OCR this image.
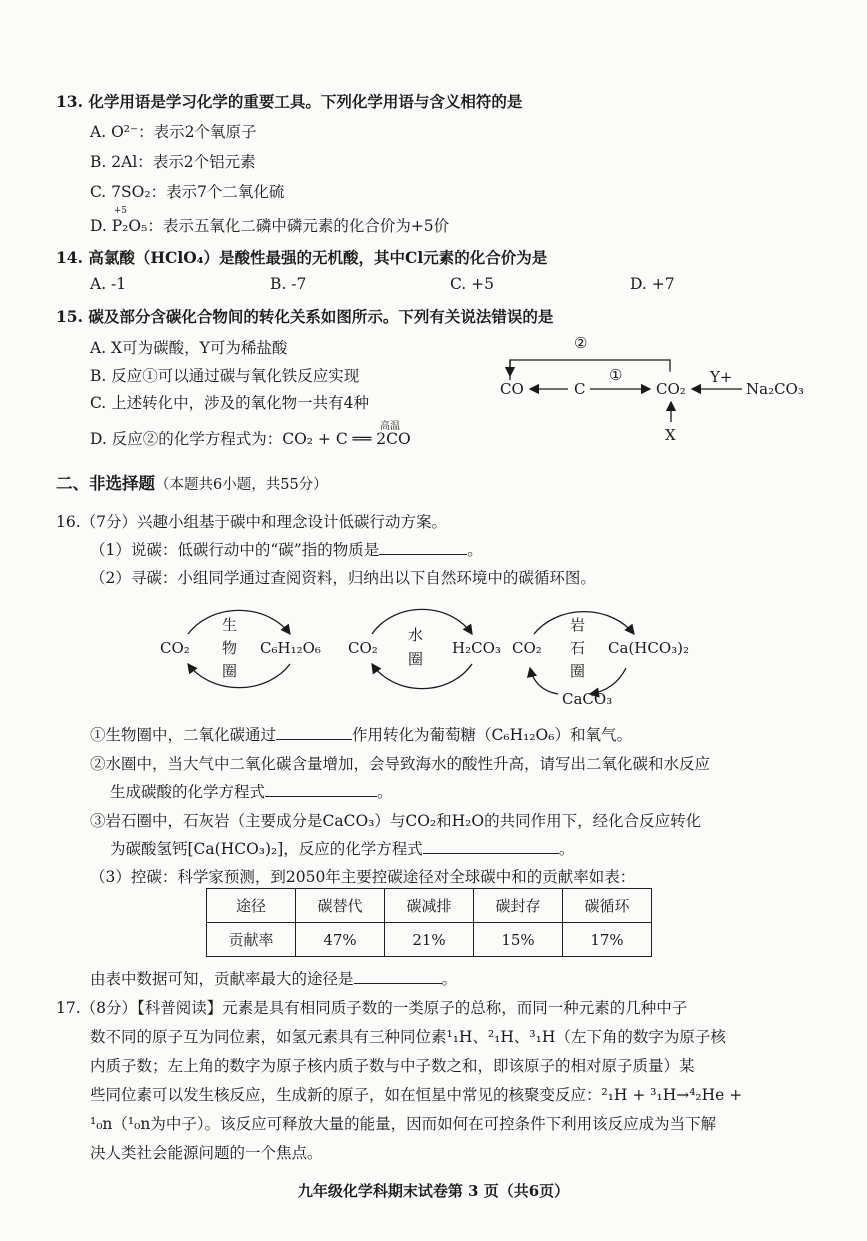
13. 化学用语是学习化学的重要工具。下列化学用语与含义相符的是
A. O²⁻：表示2个氧原子
B. 2Al：表示2个铝元素
C. 7SO₂：表示7个二氧化硫
D.
+5
P₂O₅：表示五氧化二磷中磷元素的化合价为+5价
14. 高氯酸（HClO₄）是酸性最强的无机酸，其中Cl元素的化合价为是
A. -1	B. -7	C. +5	D. +7
15. 碳及部分含碳化合物间的转化关系如图所示。下列有关说法错误的是
A. X可为碳酸，Y可为稀盐酸
B. 反应①可以通过碳与氧化铁反应实现
C. 上述转化中，涉及的氧化物一共有4种
D. 反应②的化学方程式为：CO₂ + C ══ 2CO
高温
②
CO	C
①
CO₂
Y+
Na₂CO₃
X
二、非选择题（本题共6小题，共55分）
16.（7分）兴趣小组基于碳中和理念设计低碳行动方案。
（1）说碳：低碳行动中的“碳”指的物质是	。
（2）寻碳：小组同学通过查阅资料，归纳出以下自然环境中的碳循环图。
CO₂
生
物
圈
C₆H₁₂O₆ CO₂
水
圈
H₂CO₃ CO₂
岩
石
圈
Ca(HCO₃)₂
CaCO₃
①生物圈中，二氧化碳通过	作用转化为葡萄糖（C₆H₁₂O₆）和氧气。
②水圈中，当大气中二氧化碳含量增加，会导致海水的酸性升高，请写出二氧化碳和水反应
生成碳酸的化学方程式	。
③岩石圈中，石灰岩（主要成分是CaCO₃）与CO₂和H₂O的共同作用下，经化合反应转化
为碳酸氢钙[Ca(HCO₃)₂]，反应的化学方程式	。
（3）控碳：科学家预测，到2050年主要控碳途径对全球碳中和的贡献率如表：
途径	碳替代	碳减排	碳封存	碳循环
贡献率	47%	21%	15%	17%
由表中数据可知，贡献率最大的途径是	。
17.（8分）【科普阅读】元素是具有相同质子数的一类原子的总称，而同一种元素的几种中子
数不同的原子互为同位素，如氢元素具有三种同位素¹₁H、²₁H、³₁H（左下角的数字为原子核
内质子数；左上角的数字为原子核内质子数与中子数之和，即该原子的相对原子质量）某
些同位素可以发生核反应，生成新的原子，如在恒星中常见的核聚变反应：²₁H + ³₁H→⁴₂He +
¹₀n（¹₀n为中子）。该反应可释放大量的能量，因而如何在可控条件下利用该反应成为当下解
决人类社会能源问题的一个焦点。
九年级化学科期末试卷第 3 页（共6页）
